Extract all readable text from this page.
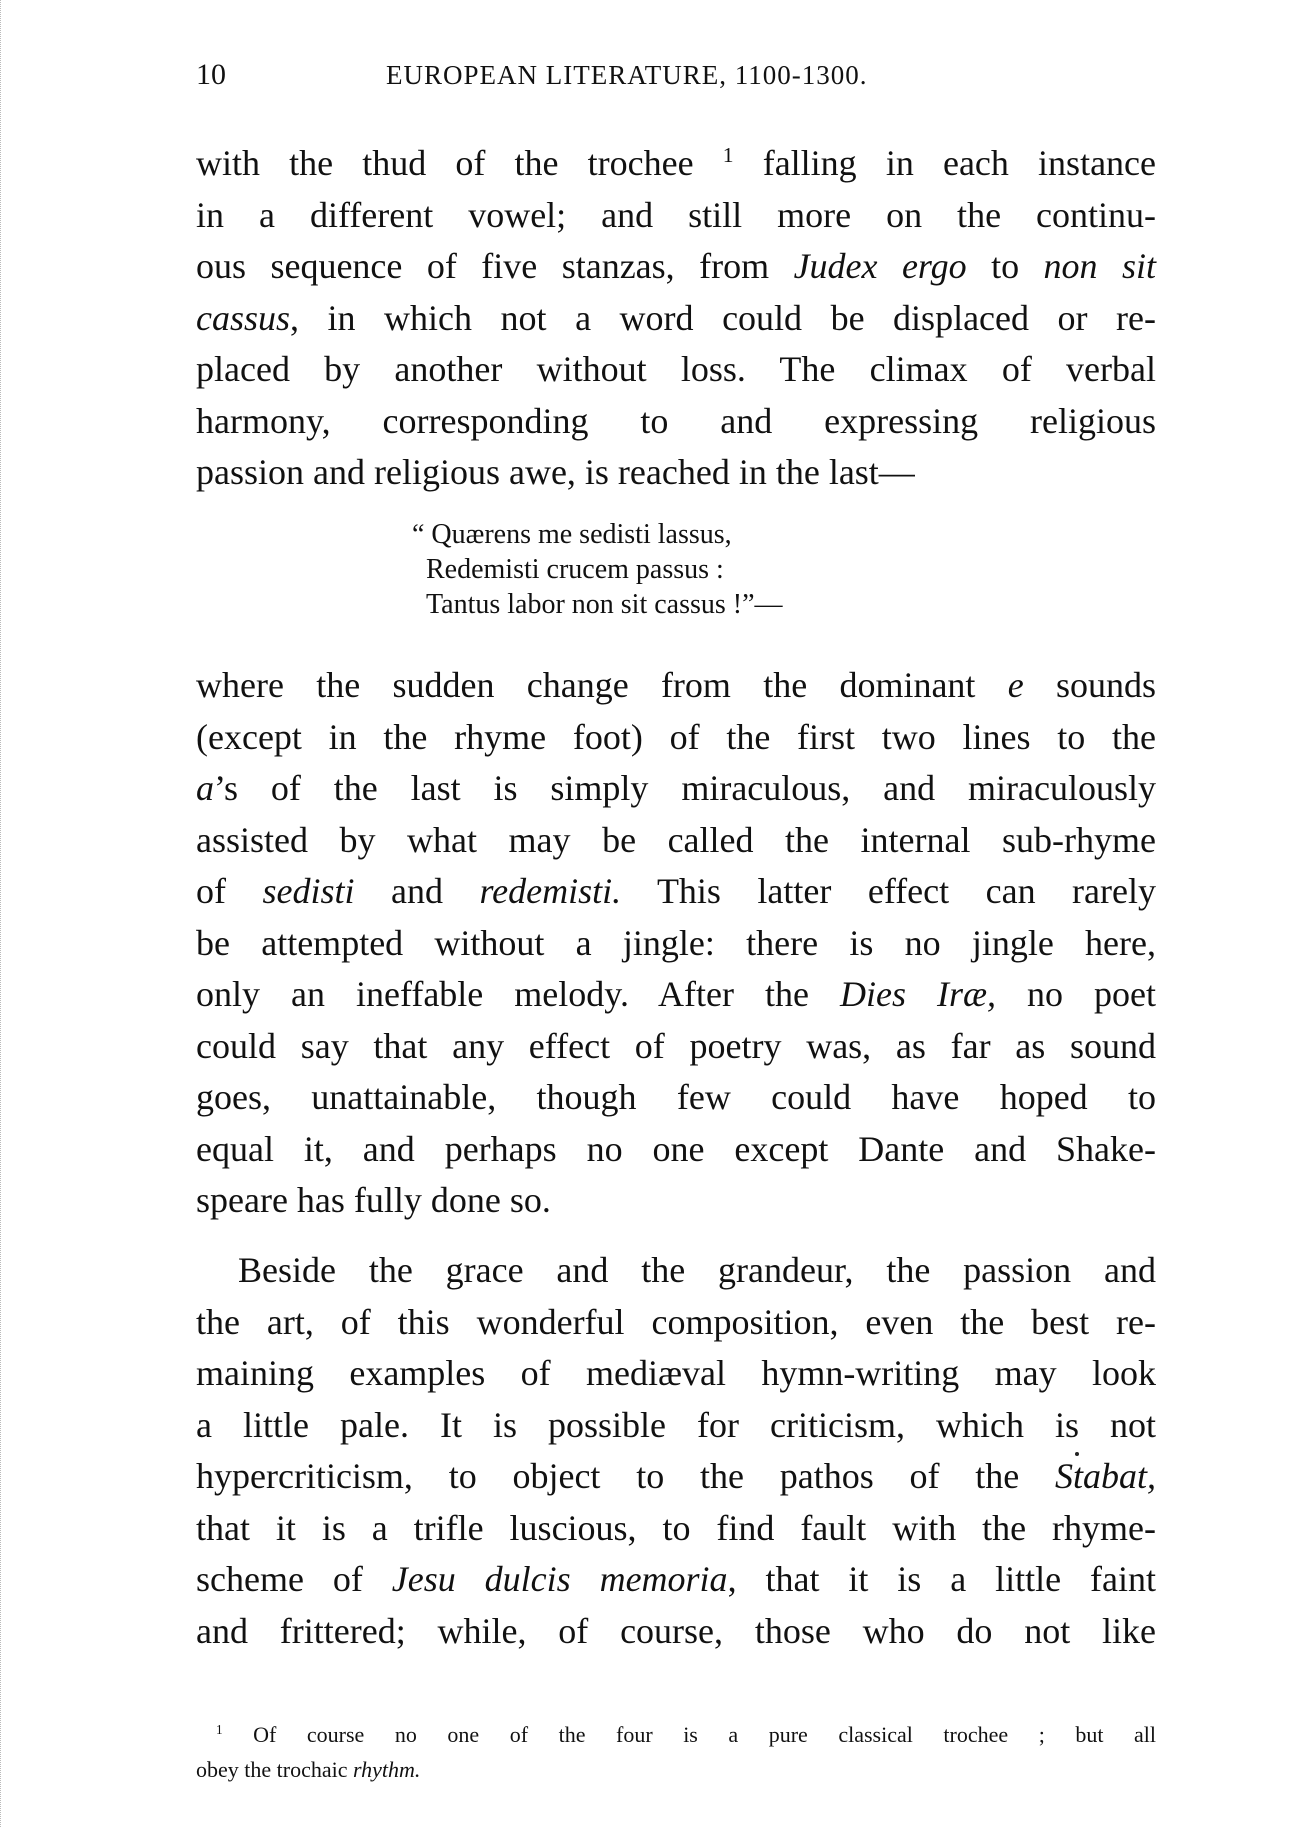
10	EUROPEAN LITERATURE, 1100-1300.
with the thud of the trochee $^1$ falling in each instance
in a different vowel; and still more on the continu-
ous sequence of five stanzas, from Judex ergo to non sit
cassus, in which not a word could be displaced or re-
placed by another without loss. The climax of verbal
harmony, corresponding to and expressing religious
passion and religious awe, is reached in the last—
“ Quærens me sedisti lassus,
Redemisti crucem passus :
Tantus labor non sit cassus !”—
where the sudden change from the dominant e sounds
(except in the rhyme foot) of the first two lines to the
a’s of the last is simply miraculous, and miraculously
assisted by what may be called the internal sub-rhyme
of sedisti and redemisti. This latter effect can rarely
be attempted without a jingle: there is no jingle here,
only an ineffable melody. After the Dies Iræ, no poet
could say that any effect of poetry was, as far as sound
goes, unattainable, though few could have hoped to
equal it, and perhaps no one except Dante and Shake-
speare has fully done so.
Beside the grace and the grandeur, the passion and
the art, of this wonderful composition, even the best re-
maining examples of mediæval hymn-writing may look
a little pale. It is possible for criticism, which is not
hypercriticism, to object to the pathos of the Stabat,
that it is a trifle luscious, to find fault with the rhyme-
scheme of Jesu dulcis memoria, that it is a little faint
and frittered; while, of course, those who do not like
$^1$ Of course no one of the four is a pure classical trochee ; but all
obey the trochaic rhythm.
